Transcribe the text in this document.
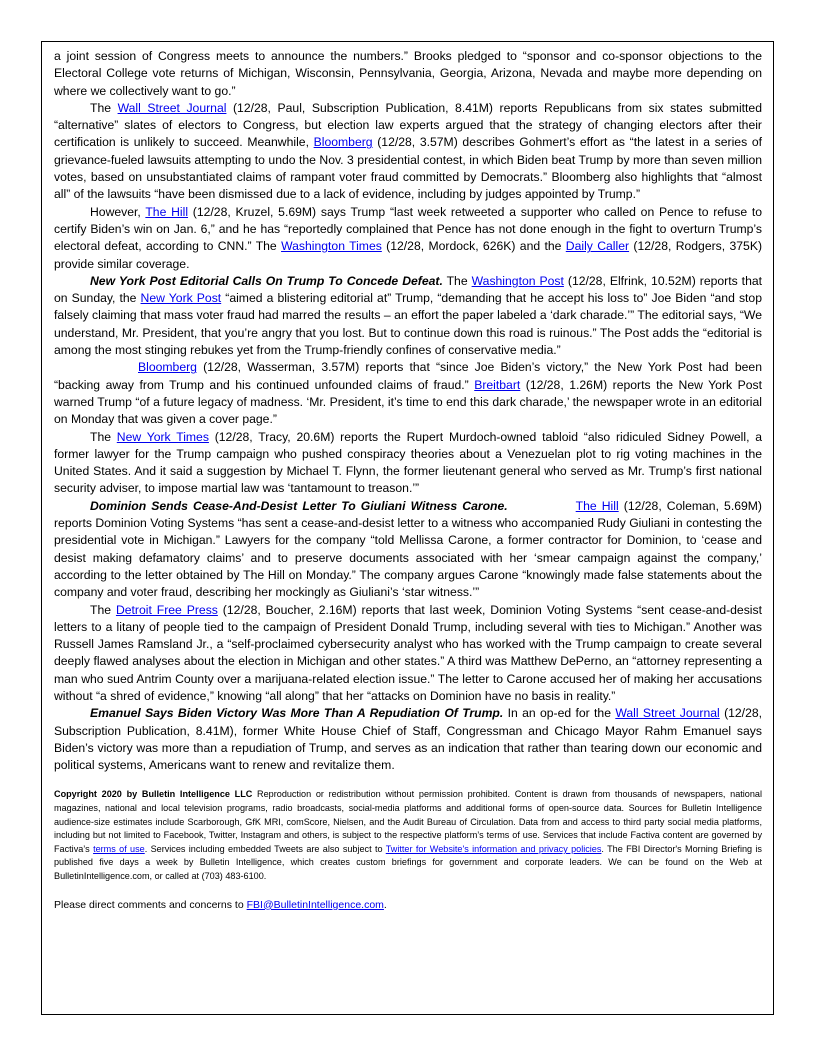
a joint session of Congress meets to announce the numbers.” Brooks pledged to “sponsor and co-sponsor objections to the Electoral College vote returns of Michigan, Wisconsin, Pennsylvania, Georgia, Arizona, Nevada and maybe more depending on where we collectively want to go.”

The Wall Street Journal (12/28, Paul, Subscription Publication, 8.41M) reports Republicans from six states submitted “alternative” slates of electors to Congress, but election law experts argued that the strategy of changing electors after their certification is unlikely to succeed. Meanwhile, Bloomberg (12/28, 3.57M) describes Gohmert’s effort as “the latest in a series of grievance-fueled lawsuits attempting to undo the Nov. 3 presidential contest, in which Biden beat Trump by more than seven million votes, based on unsubstantiated claims of rampant voter fraud committed by Democrats.” Bloomberg also highlights that “almost all” of the lawsuits “have been dismissed due to a lack of evidence, including by judges appointed by Trump.”

However, The Hill (12/28, Kruzel, 5.69M) says Trump “last week retweeted a supporter who called on Pence to refuse to certify Biden’s win on Jan. 6,” and he has “reportedly complained that Pence has not done enough in the fight to overturn Trump’s electoral defeat, according to CNN.” The Washington Times (12/28, Mordock, 626K) and the Daily Caller (12/28, Rodgers, 375K) provide similar coverage.

New York Post Editorial Calls On Trump To Concede Defeat. The Washington Post (12/28, Elfrink, 10.52M) reports that on Sunday, the New York Post “aimed a blistering editorial at” Trump, “demanding that he accept his loss to” Joe Biden “and stop falsely claiming that mass voter fraud had marred the results – an effort the paper labeled a ‘dark charade.’” The editorial says, “We understand, Mr. President, that you’re angry that you lost. But to continue down this road is ruinous.” The Post adds the “editorial is among the most stinging rebukes yet from the Trump-friendly confines of conservative media.”

Bloomberg (12/28, Wasserman, 3.57M) reports that “since Joe Biden’s victory,” the New York Post had been “backing away from Trump and his continued unfounded claims of fraud.” Breitbart (12/28, 1.26M) reports the New York Post warned Trump “of a future legacy of madness. ‘Mr. President, it’s time to end this dark charade,’ the newspaper wrote in an editorial on Monday that was given a cover page.”

The New York Times (12/28, Tracy, 20.6M) reports the Rupert Murdoch-owned tabloid “also ridiculed Sidney Powell, a former lawyer for the Trump campaign who pushed conspiracy theories about a Venezuelan plot to rig voting machines in the United States. And it said a suggestion by Michael T. Flynn, the former lieutenant general who served as Mr. Trump’s first national security adviser, to impose martial law was ‘tantamount to treason.’”

Dominion Sends Cease-And-Desist Letter To Giuliani Witness Carone.	The Hill (12/28, Coleman, 5.69M) reports Dominion Voting Systems “has sent a cease-and-desist letter to a witness who accompanied Rudy Giuliani in contesting the presidential vote in Michigan.” Lawyers for the company “told Mellissa Carone, a former contractor for Dominion, to ‘cease and desist making defamatory claims’ and to preserve documents associated with her ‘smear campaign against the company,’ according to the letter obtained by The Hill on Monday.” The company argues Carone “knowingly made false statements about the company and voter fraud, describing her mockingly as Giuliani’s ‘star witness.’”

The Detroit Free Press (12/28, Boucher, 2.16M) reports that last week, Dominion Voting Systems “sent cease-and-desist letters to a litany of people tied to the campaign of President Donald Trump, including several with ties to Michigan.” Another was Russell James Ramsland Jr., a “self-proclaimed cybersecurity analyst who has worked with the Trump campaign to create several deeply flawed analyses about the election in Michigan and other states.” A third was Matthew DePerno, an “attorney representing a man who sued Antrim County over a marijuana-related election issue.” The letter to Carone accused her of making her accusations without “a shred of evidence,” knowing “all along” that her “attacks on Dominion have no basis in reality.”

Emanuel Says Biden Victory Was More Than A Repudiation Of Trump. In an op-ed for the Wall Street Journal (12/28, Subscription Publication, 8.41M), former White House Chief of Staff, Congressman and Chicago Mayor Rahm Emanuel says Biden’s victory was more than a repudiation of Trump, and serves as an indication that rather than tearing down our economic and political systems, Americans want to renew and revitalize them.

Copyright 2020 by Bulletin Intelligence LLC Reproduction or redistribution without permission prohibited. Content is drawn from thousands of newspapers, national magazines, national and local television programs, radio broadcasts, social-media platforms and additional forms of open-source data. Sources for Bulletin Intelligence audience-size estimates include Scarborough, GfK MRI, comScore, Nielsen, and the Audit Bureau of Circulation. Data from and access to third party social media platforms, including but not limited to Facebook, Twitter, Instagram and others, is subject to the respective platform’s terms of use. Services that include Factiva content are governed by Factiva’s terms of use. Services including embedded Tweets are also subject to Twitter for Website's information and privacy policies. The FBI Director's Morning Briefing is published five days a week by Bulletin Intelligence, which creates custom briefings for government and corporate leaders. We can be found on the Web at BulletinIntelligence.com, or called at (703) 483-6100.
Please direct comments and concerns to FBI@BulletinIntelligence.com.
